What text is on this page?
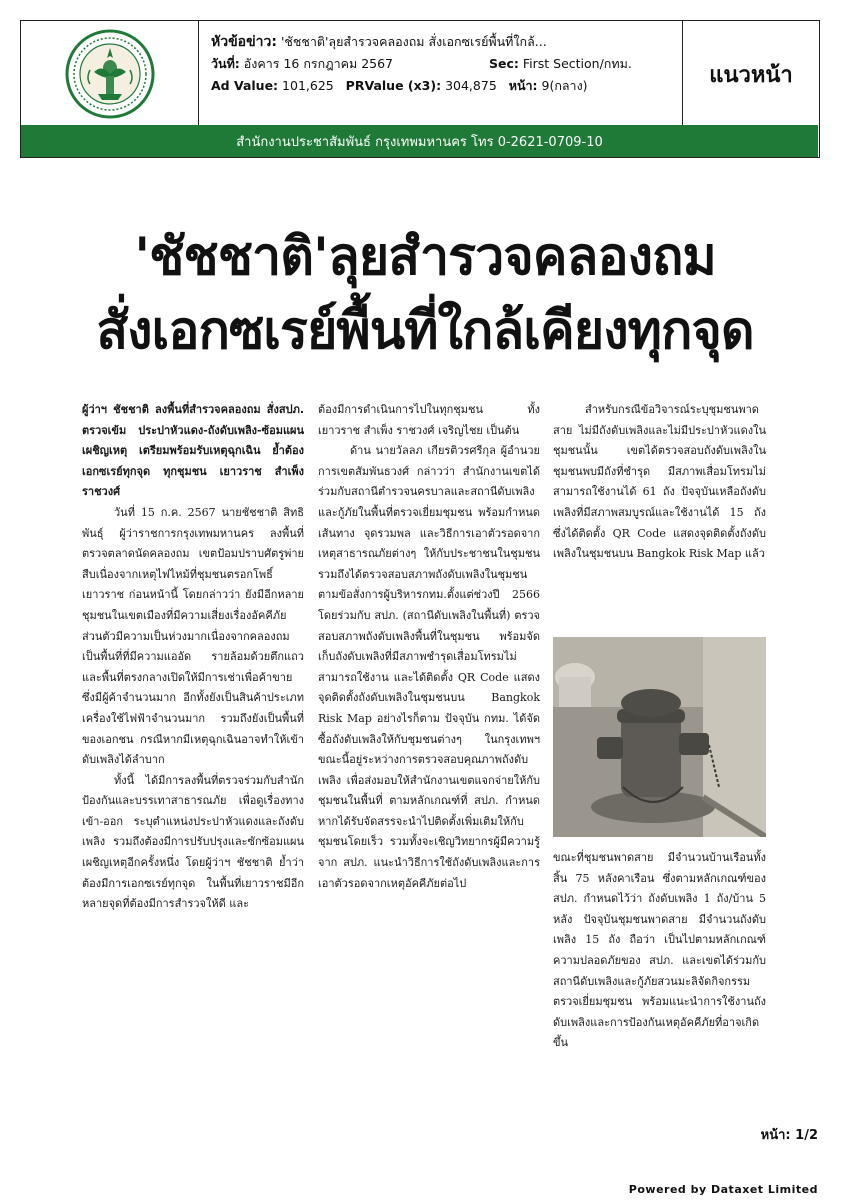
หัวข้อข่าว: 'ชัชชาติ'ลุยสำรวจคลองถม สั่งเอกซเรย์พื้นที่ใกล้...
วันที่: อังคาร 16 กรกฎาคม 2567	Sec: First Section/กทม.
Ad Value: 101,625 PRValue (x3): 304,875 หน้า: 9(กลาง)	แนวหน้า
สำนักงานประชาสัมพันธ์ กรุงเทพมหานคร โทร 0-2621-0709-10
'ชัชชาติ'ลุยสำรวจคลองถม
สั่งเอกซเรย์พื้นที่ใกล้เคียงทุกจุด

ผู้ว่าฯ ชัชชาติ ลงพื้นที่สำรวจคลองถม สั่งสปภ. ตรวจเข้ม ประปาหัวแดง-ถังดับเพลิง-ซ้อมแผนเผชิญเหตุ เตรียมพร้อมรับเหตุฉุกเฉิน ย้ำต้องเอกซเรย์ทุกจุด ทุกชุมชน เยาวราช สำเพ็ง ราชวงศ์

วันที่ 15 ก.ค. 2567 นายชัชชาติ สิทธิพันธุ์ ผู้ว่าราชการกรุงเทพมหานคร ลงพื้นที่ตรวจตลาดนัดคลองถม เขตป้อมปราบศัตรูพ่าย สืบเนื่องจากเหตุไฟไหม้ที่ชุมชนตรอกโพธิ์ เยาวราช ก่อนหน้านี้ โดยกล่าวว่า ยังมีอีกหลายชุมชนในเขตเมืองที่มีความเสี่ยงเรื่องอัคคีภัย ส่วนตัวมีความเป็นห่วงมากเนื่องจากคลองถมเป็นพื้นที่ที่มีความแออัด รายล้อมด้วยตึกแถวและพื้นที่ตรงกลางเปิดให้มีการเช่าเพื่อค้าขาย ซึ่งมีผู้ค้าจำนวนมาก อีกทั้งยังเป็นสินค้าประเภทเครื่องใช้ไฟฟ้าจำนวนมาก รวมถึงยังเป็นพื้นที่ของเอกชน กรณีหากมีเหตุฉุกเฉินอาจทำให้เข้าดับเพลิงได้ลำบาก

ทั้งนี้ ได้มีการลงพื้นที่ตรวจร่วมกับสำนักป้องกันและบรรเทาสาธารณภัย เพื่อดูเรื่องทางเข้า-ออก ระบุตำแหน่งประปาหัวแดงและถังดับเพลิง รวมถึงต้องมีการปรับปรุงและซักซ้อมแผนเผชิญเหตุอีกครั้งหนึ่ง โดยผู้ว่าฯ ชัชชาติ ย้ำว่าต้องมีการเอกซเรย์ทุกจุด ในพื้นที่เยาวราชมีอีกหลายจุดที่ต้องมีการสำรวจให้ดี และ

ต้องมีการดำเนินการไปในทุกชุมชน ทั้งเยาวราช สำเพ็ง ราชวงศ์ เจริญไชย เป็นต้น

ด้าน นายวัลลภ เกียรติวรศรีกุล ผู้อำนวยการเขตสัมพันธวงศ์ กล่าวว่า สำนักงานเขตได้ร่วมกับสถานีตำรวจนครบาลและสถานีดับเพลิงและกู้ภัยในพื้นที่ตรวจเยี่ยมชุมชน พร้อมกำหนดเส้นทาง จุดรวมพล และวิธีการเอาตัวรอดจากเหตุสาธารณภัยต่างๆ ให้กับประชาชนในชุมชน รวมถึงได้ตรวจสอบสภาพถังดับเพลิงในชุมชนตามข้อสั่งการผู้บริหารกทม.ตั้งแต่ช่วงปี 2566 โดยร่วมกับ สปภ. (สถานีดับเพลิงในพื้นที่) ตรวจสอบสภาพถังดับเพลิงพื้นที่ในชุมชน พร้อมจัดเก็บถังดับเพลิงที่มีสภาพชำรุดเสื่อมโทรมไม่สามารถใช้งาน และได้ติดตั้ง QR Code แสดงจุดติดตั้งถังดับเพลิงในชุมชนบน Bangkok Risk Map อย่างไรก็ตาม ปัจจุบัน กทม. ได้จัดซื้อถังดับเพลิงให้กับชุมชนต่างๆ ในกรุงเทพฯ ขณะนี้อยู่ระหว่างการตรวจสอบคุณภาพถังดับเพลิง เพื่อส่งมอบให้สำนักงานเขตแจกจ่ายให้กับชุมชนในพื้นที่ ตามหลักเกณฑ์ที่ สปภ. กำหนด หากได้รับจัดสรรจะนำไปติดตั้งเพิ่มเติมให้กับชุมชนโดยเร็ว รวมทั้งจะเชิญวิทยากรผู้มีความรู้จาก สปภ. แนะนำวิธีการใช้ถังดับเพลิงและการเอาตัวรอดจากเหตุอัคคีภัยต่อไป

สำหรับกรณีข้อวิจารณ์ระบุชุมชนพาดสาย ไม่มีถังดับเพลิงและไม่มีประปาหัวแดงในชุมชนนั้น เขตได้ตรวจสอบถังดับเพลิงในชุมชนพบมีถังที่ชำรุด มีสภาพเสื่อมโทรมไม่สามารถใช้งานได้ 61 ถัง ปัจจุบันเหลือถังดับเพลิงที่มีสภาพสมบูรณ์และใช้งานได้ 15 ถัง ซึ่งได้ติดตั้ง QR Code แสดงจุดติดตั้งถังดับเพลิงในชุมชนบน Bangkok Risk Map แล้ว

ขณะที่ชุมชนพาดสาย มีจำนวนบ้านเรือนทั้งสิ้น 75 หลังคาเรือน ซึ่งตามหลักเกณฑ์ของ สปภ. กำหนดไว้ว่า ถังดับเพลิง 1 ถัง/บ้าน 5 หลัง ปัจจุบันชุมชนพาดสาย มีจำนวนถังดับเพลิง 15 ถัง ถือว่า เป็นไปตามหลักเกณฑ์ความปลอดภัยของ สปภ. และเขตได้ร่วมกับสถานีดับเพลิงและกู้ภัยสวนมะลิจัดกิจกรรมตรวจเยี่ยมชุมชน พร้อมแนะนำการใช้งานถังดับเพลิงและการป้องกันเหตุอัคคีภัยที่อาจเกิดขึ้น

หน้า: 1/2
Powered by Dataxet Limited
